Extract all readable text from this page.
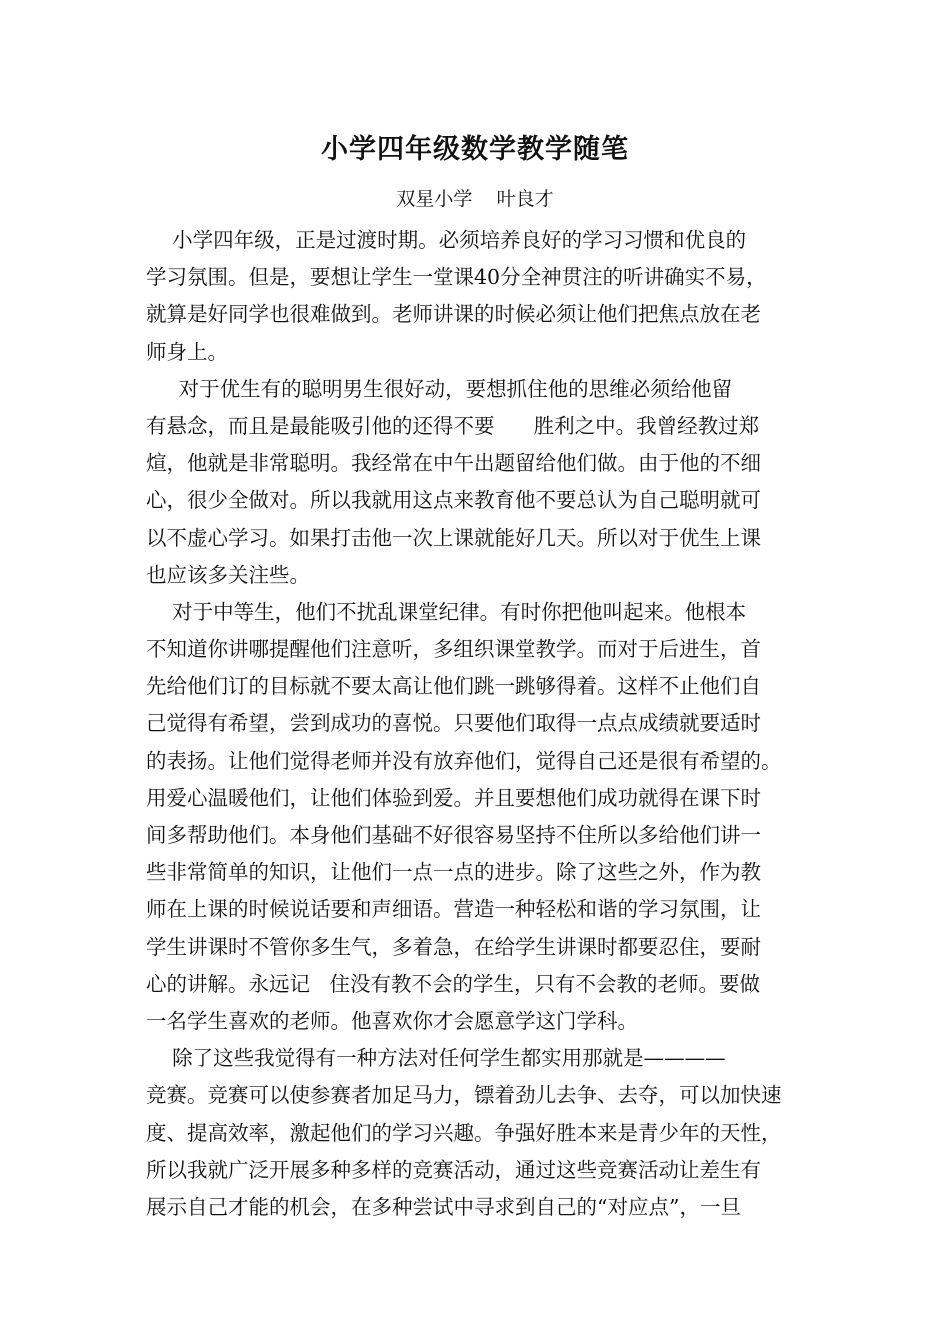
小学四年级数学教学随笔
双星小学    叶良才
小学四年级，正是过渡时期。必须培养良好的学习习惯和优良的
学习氛围。但是，要想让学生一堂课40分全神贯注的听讲确实不易，
就算是好同学也很难做到。老师讲课的时候必须让他们把焦点放在老
师身上。
对于优生有的聪明男生很好动，要想抓住他的思维必须给他留
有悬念，而且是最能吸引他的还得不要      胜利之中。我曾经教过郑
煊，他就是非常聪明。我经常在中午出题留给他们做。由于他的不细
心，很少全做对。所以我就用这点来教育他不要总认为自己聪明就可
以不虚心学习。如果打击他一次上课就能好几天。所以对于优生上课
也应该多关注些。
对于中等生，他们不扰乱课堂纪律。有时你把他叫起来。他根本
不知道你讲哪提醒他们注意听，多组织课堂教学。而对于后进生，首
先给他们订的目标就不要太高让他们跳一跳够得着。这样不止他们自
己觉得有希望，尝到成功的喜悦。只要他们取得一点点成绩就要适时
的表扬。让他们觉得老师并没有放弃他们，觉得自己还是很有希望的。
用爱心温暖他们，让他们体验到爱。并且要想他们成功就得在课下时
间多帮助他们。本身他们基础不好很容易坚持不住所以多给他们讲一
些非常简单的知识，让他们一点一点的进步。除了这些之外，作为教
师在上课的时候说话要和声细语。营造一种轻松和谐的学习氛围，让
学生讲课时不管你多生气，多着急，在给学生讲课时都要忍住，要耐
心的讲解。永远记   住没有教不会的学生，只有不会教的老师。要做
一名学生喜欢的老师。他喜欢你才会愿意学这门学科。
除了这些我觉得有一种方法对任何学生都实用那就是————
竞赛。竞赛可以使参赛者加足马力，镖着劲儿去争、去夺，可以加快速
度、提高效率，激起他们的学习兴趣。争强好胜本来是青少年的天性，
所以我就广泛开展多种多样的竞赛活动，通过这些竞赛活动让差生有
展示自己才能的机会，在多种尝试中寻求到自己的“对应点”，一旦
